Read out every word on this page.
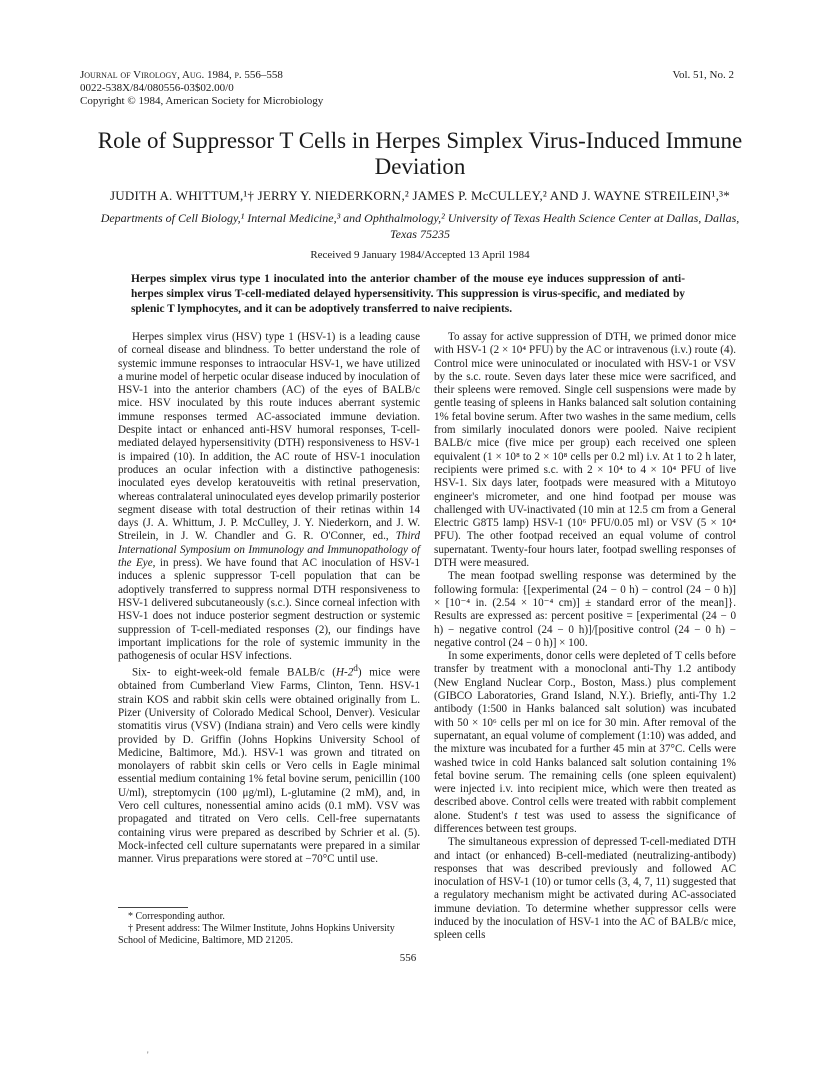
Journal of Virology, Aug. 1984, p. 556–558
0022-538X/84/080556-03$02.00/0
Copyright © 1984, American Society for Microbiology
Vol. 51, No. 2
Role of Suppressor T Cells in Herpes Simplex Virus-Induced Immune Deviation
JUDITH A. WHITTUM,¹† JERRY Y. NIEDERKORN,² JAMES P. McCULLEY,² AND J. WAYNE STREILEIN¹,³*
Departments of Cell Biology,¹ Internal Medicine,³ and Ophthalmology,² University of Texas Health Science Center at Dallas, Dallas, Texas 75235
Received 9 January 1984/Accepted 13 April 1984
Herpes simplex virus type 1 inoculated into the anterior chamber of the mouse eye induces suppression of anti-herpes simplex virus T-cell-mediated delayed hypersensitivity. This suppression is virus-specific, and mediated by splenic T lymphocytes, and it can be adoptively transferred to naive recipients.

Herpes simplex virus (HSV) type 1 (HSV-1) is a leading cause of corneal disease and blindness. To better understand the role of systemic immune responses to intraocular HSV-1, we have utilized a murine model of herpetic ocular disease induced by inoculation of HSV-1 into the anterior chambers (AC) of the eyes of BALB/c mice. HSV inoculated by this route induces aberrant systemic immune responses termed AC-associated immune deviation. Despite intact or enhanced anti-HSV humoral responses, T-cell-mediated delayed hypersensitivity (DTH) responsiveness to HSV-1 is impaired (10). In addition, the AC route of HSV-1 inoculation produces an ocular infection with a distinctive pathogenesis: inoculated eyes develop keratouveitis with retinal preservation, whereas contralateral uninoculated eyes develop primarily posterior segment disease with total destruction of their retinas within 14 days (J. A. Whittum, J. P. McCulley, J. Y. Niederkorn, and J. W. Streilein, in J. W. Chandler and G. R. O'Conner, ed., Third International Symposium on Immunology and Immunopathology of the Eye, in press). We have found that AC inoculation of HSV-1 induces a splenic suppressor T-cell population that can be adoptively transferred to suppress normal DTH responsiveness to HSV-1 delivered subcutaneously (s.c.). Since corneal infection with HSV-1 does not induce posterior segment destruction or systemic suppression of T-cell-mediated responses (2), our findings have important implications for the role of systemic immunity in the pathogenesis of ocular HSV infections.

Six- to eight-week-old female BALB/c (H-2$^d$) mice were obtained from Cumberland View Farms, Clinton, Tenn. HSV-1 strain KOS and rabbit skin cells were obtained originally from L. Pizer (University of Colorado Medical School, Denver). Vesicular stomatitis virus (VSV) (Indiana strain) and Vero cells were kindly provided by D. Griffin (Johns Hopkins University School of Medicine, Baltimore, Md.). HSV-1 was grown and titrated on monolayers of rabbit skin cells or Vero cells in Eagle minimal essential medium containing 1% fetal bovine serum, penicillin (100 U/ml), streptomycin (100 μg/ml), L-glutamine (2 mM), and, in Vero cell cultures, nonessential amino acids (0.1 mM). VSV was propagated and titrated on Vero cells. Cell-free supernatants containing virus were prepared as described by Schrier et al. (5). Mock-infected cell culture supernatants were prepared in a similar manner. Virus preparations were stored at −70°C until use.

* Corresponding author.
† Present address: The Wilmer Institute, Johns Hopkins University School of Medicine, Baltimore, MD 21205.

To assay for active suppression of DTH, we primed donor mice with HSV-1 (2 × 10⁴ PFU) by the AC or intravenous (i.v.) route (4). Control mice were uninoculated or inoculated with HSV-1 or VSV by the s.c. route. Seven days later these mice were sacrificed, and their spleens were removed. Single cell suspensions were made by gentle teasing of spleens in Hanks balanced salt solution containing 1% fetal bovine serum. After two washes in the same medium, cells from similarly inoculated donors were pooled. Naive recipient BALB/c mice (five mice per group) each received one spleen equivalent (1 × 10⁸ to 2 × 10⁸ cells per 0.2 ml) i.v. At 1 to 2 h later, recipients were primed s.c. with 2 × 10⁴ to 4 × 10⁴ PFU of live HSV-1. Six days later, footpads were measured with a Mitutoyo engineer's micrometer, and one hind footpad per mouse was challenged with UV-inactivated (10 min at 12.5 cm from a General Electric G8T5 lamp) HSV-1 (10⁶ PFU/0.05 ml) or VSV (5 × 10⁴ PFU). The other footpad received an equal volume of control supernatant. Twenty-four hours later, footpad swelling responses of DTH were measured.

The mean footpad swelling response was determined by the following formula: {[experimental (24 − 0 h) − control (24 − 0 h)] × [10⁻⁴ in. (2.54 × 10⁻⁴ cm)] ± standard error of the mean]}. Results are expressed as: percent positive = [experimental (24 − 0 h) − negative control (24 − 0 h)]/[positive control (24 − 0 h) − negative control (24 − 0 h)] × 100.

In some experiments, donor cells were depleted of T cells before transfer by treatment with a monoclonal anti-Thy 1.2 antibody (New England Nuclear Corp., Boston, Mass.) plus complement (GIBCO Laboratories, Grand Island, N.Y.). Briefly, anti-Thy 1.2 antibody (1:500 in Hanks balanced salt solution) was incubated with 50 × 10⁶ cells per ml on ice for 30 min. After removal of the supernatant, an equal volume of complement (1:10) was added, and the mixture was incubated for a further 45 min at 37°C. Cells were washed twice in cold Hanks balanced salt solution containing 1% fetal bovine serum. The remaining cells (one spleen equivalent) were injected i.v. into recipient mice, which were then treated as described above. Control cells were treated with rabbit complement alone. Student's t test was used to assess the significance of differences between test groups.

The simultaneous expression of depressed T-cell-mediated DTH and intact (or enhanced) B-cell-mediated (neutralizing-antibody) responses that was described previously and followed AC inoculation of HSV-1 (10) or tumor cells (3, 4, 7, 11) suggested that a regulatory mechanism might be activated during AC-associated immune deviation. To determine whether suppressor cells were induced by the inoculation of HSV-1 into the AC of BALB/c mice, spleen cells

556
'
